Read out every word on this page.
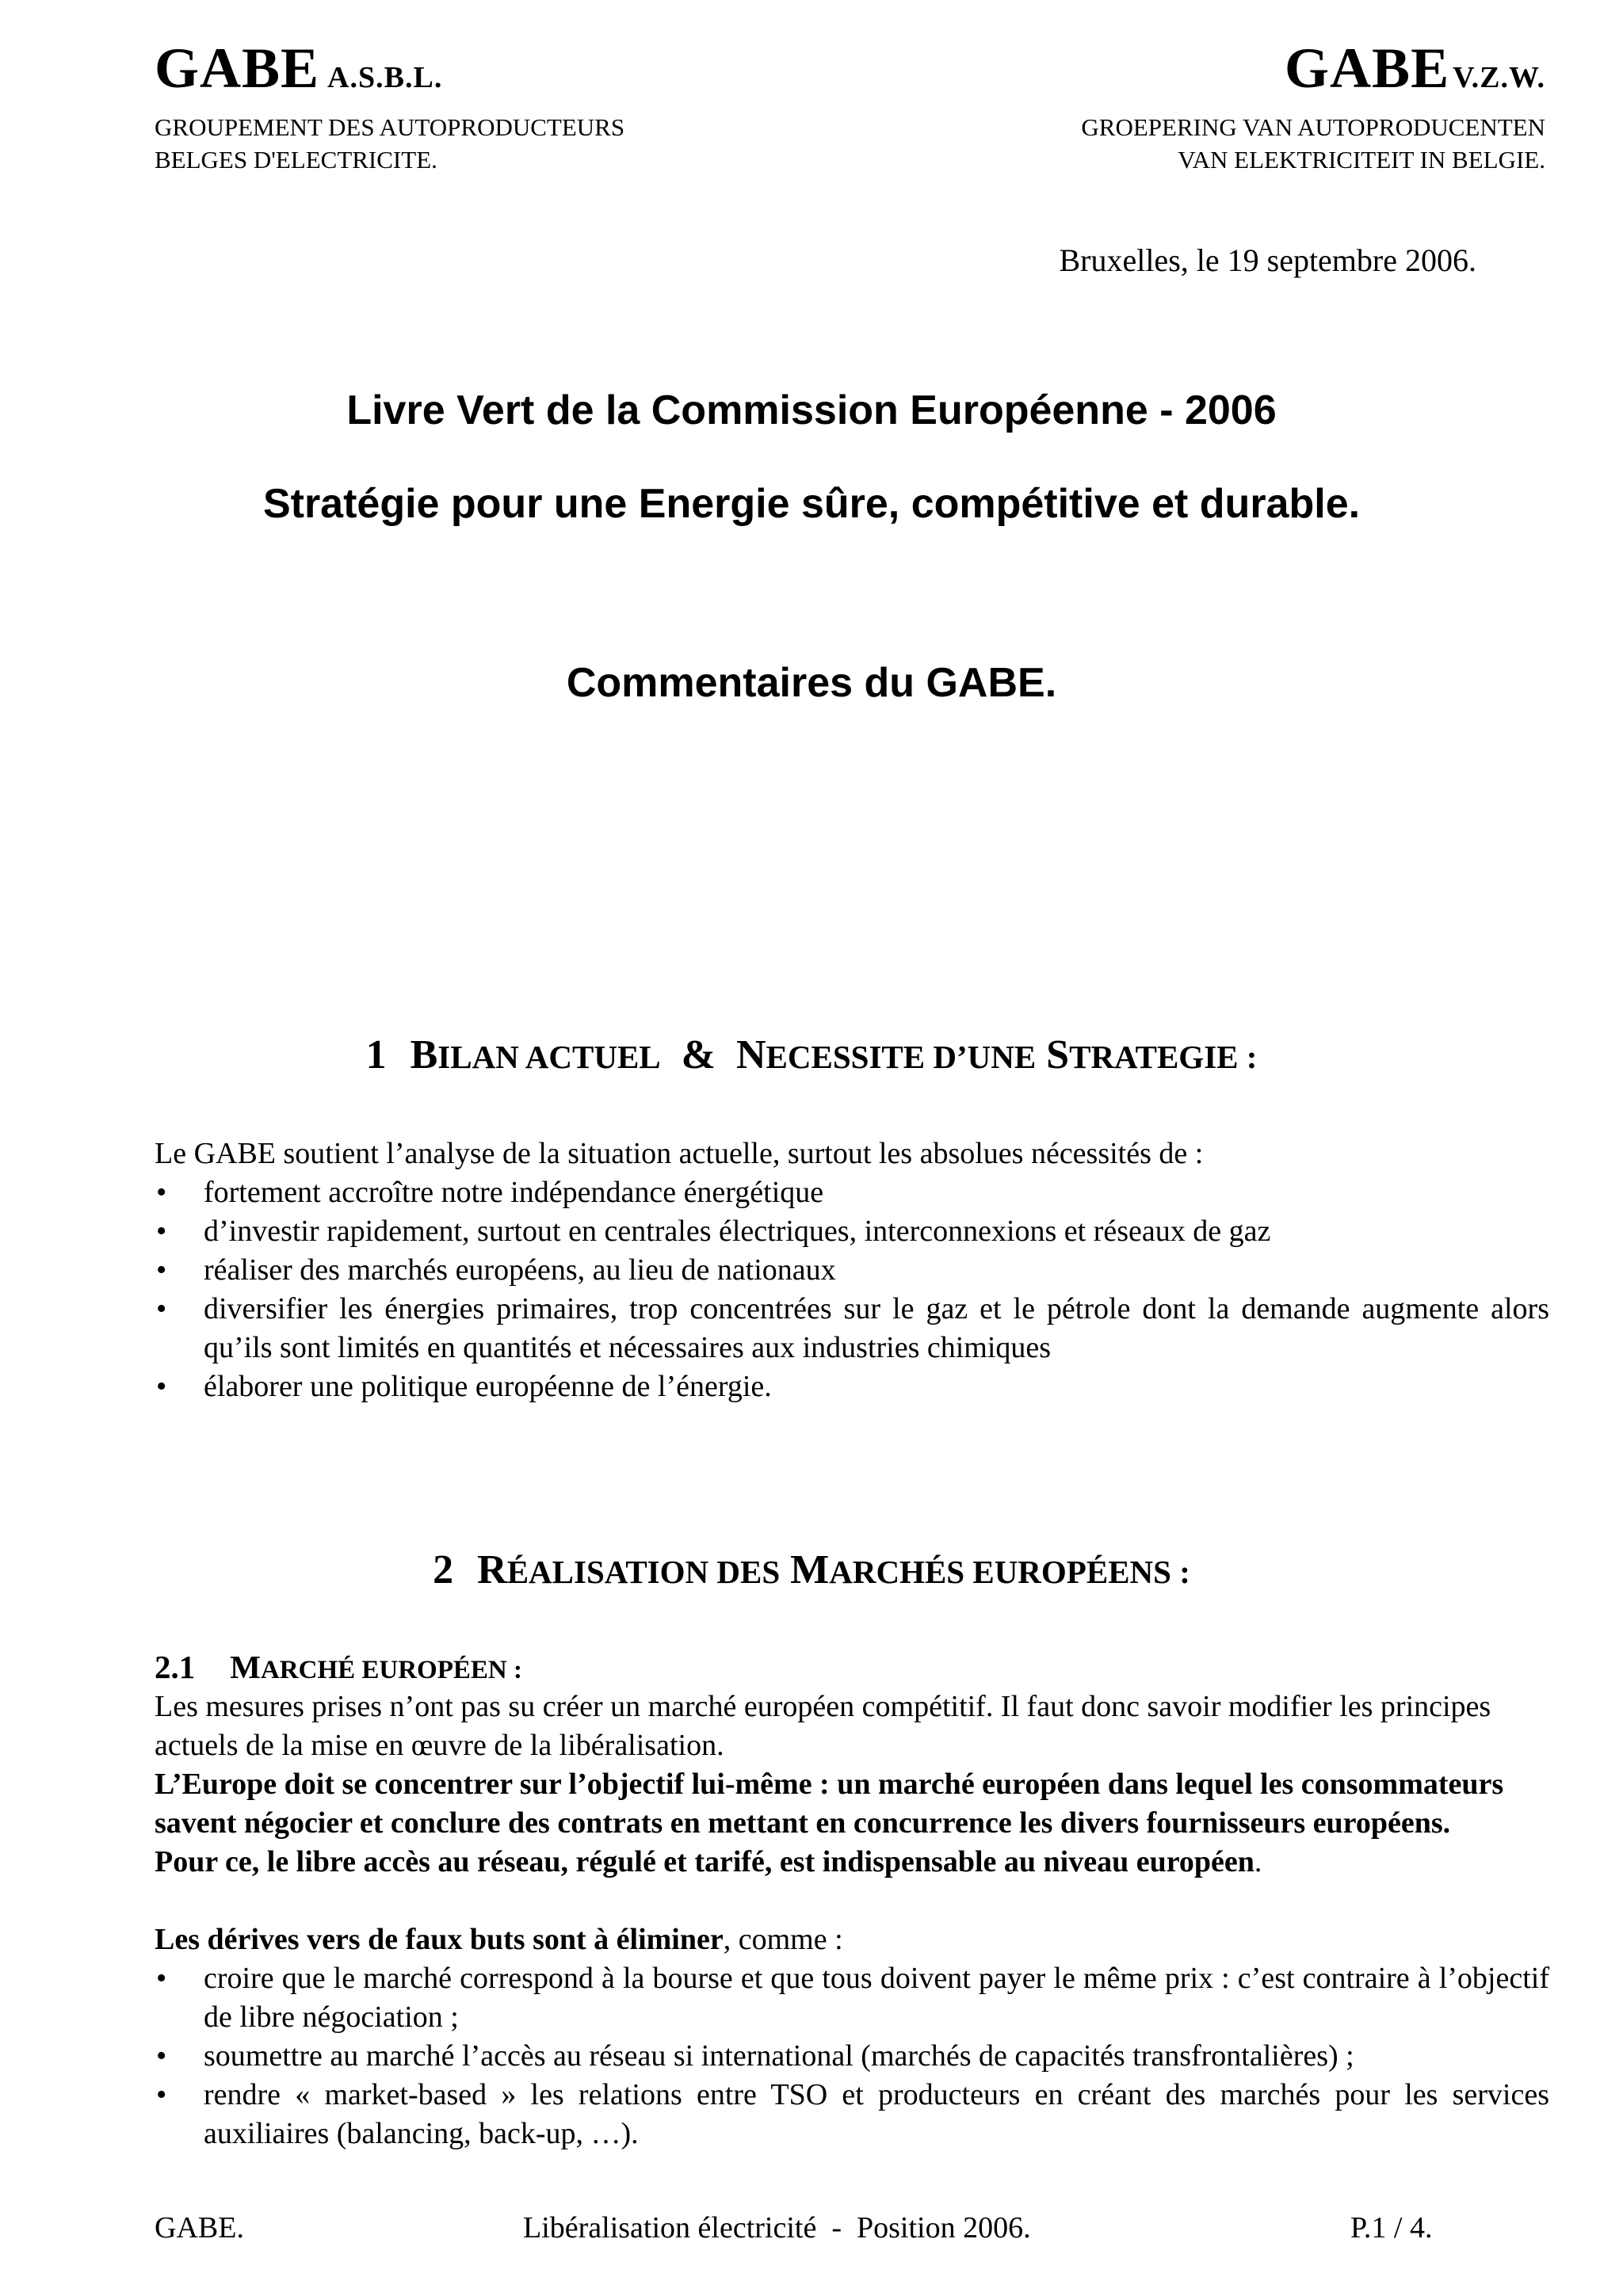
GABE A.S.B.L.
GROUPEMENT DES AUTOPRODUCTEURS
BELGES D'ELECTRICITE.
GABE V.Z.W.
GROEPERING VAN AUTOPRODUCENTEN
VAN ELEKTRICITEIT IN BELGIE.
Bruxelles, le 19 septembre 2006.
Livre Vert de la Commission Européenne - 2006
Stratégie pour une Energie sûre, compétitive et durable.
Commentaires du GABE.
1 BILAN ACTUEL  &  NECESSITE D’UNE STRATEGIE :

Le GABE soutient l’analyse de la situation actuelle, surtout les absolues nécessités de :

• fortement accroître notre indépendance énergétique
• d’investir rapidement, surtout en centrales électriques, interconnexions et réseaux de gaz
• réaliser des marchés européens, au lieu de nationaux
• diversifier les énergies primaires, trop concentrées sur le gaz et le pétrole dont la demande augmente alors qu’ils sont limités en quantités et nécessaires aux industries chimiques
• élaborer une politique européenne de l’énergie.
2 RÉALISATION DES MARCHÉS EUROPÉENS :
2.1 MARCHÉ EUROPÉEN :

Les mesures prises n’ont pas su créer un marché européen compétitif. Il faut donc savoir modifier les principes actuels de la mise en œuvre de la libéralisation.

L’Europe doit se concentrer sur l’objectif lui-même : un marché européen dans lequel les consommateurs savent négocier et conclure des contrats en mettant en concurrence les divers fournisseurs européens.

Pour ce, le libre accès au réseau, régulé et tarifé, est indispensable au niveau européen.

Les dérives vers de faux buts sont à éliminer, comme :

• croire que le marché correspond à la bourse et que tous doivent payer le même prix : c’est contraire à l’objectif de libre négociation ;
• soumettre au marché l’accès au réseau si international (marchés de capacités transfrontalières) ;
• rendre « market-based » les relations entre TSO et producteurs en créant des marchés pour les services auxiliaires (balancing, back-up, …).
GABE.	Libéralisation électricité  -  Position 2006.	P.1 / 4.
